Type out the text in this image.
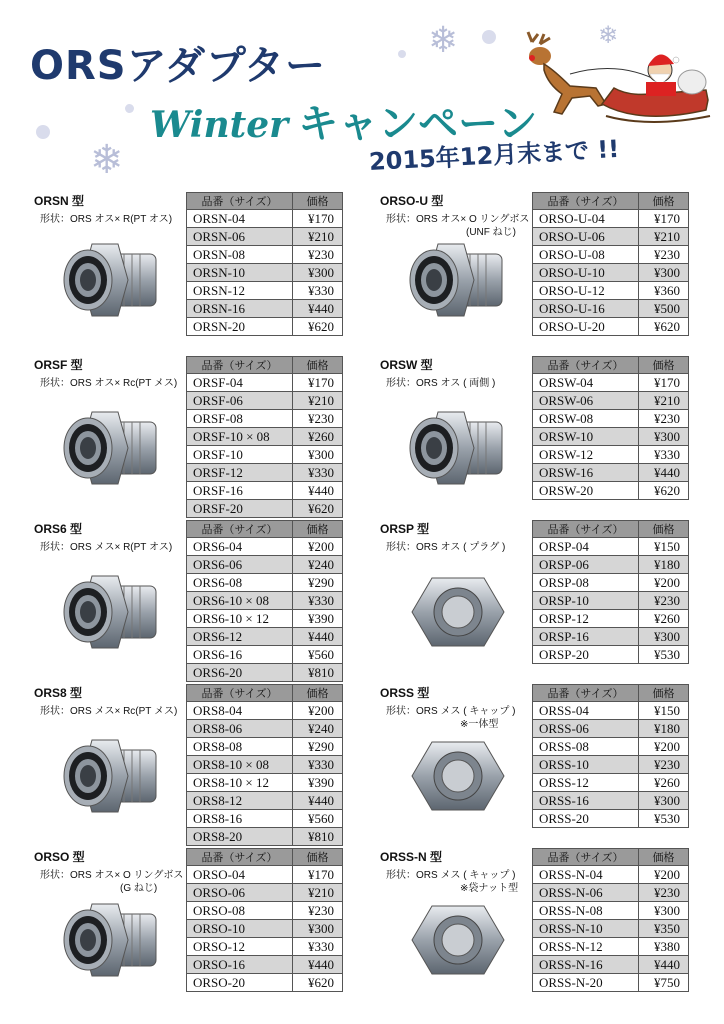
❄
❄
❄
ORSアダプター
Winter キャンペーン
2015年12月末まで !!
ORSN 型
形状：ORS オス× R(PT オス)
品番（サイズ）	価格
ORSN-04	¥170
ORSN-06	¥210
ORSN-08	¥230
ORSN-10	¥300
ORSN-12	¥330
ORSN-16	¥440
ORSN-20	¥620
ORSO-U 型
形状：ORS オス× O リングボス
(UNF ねじ)
品番（サイズ）	価格
ORSO-U-04	¥170
ORSO-U-06	¥210
ORSO-U-08	¥230
ORSO-U-10	¥300
ORSO-U-12	¥360
ORSO-U-16	¥500
ORSO-U-20	¥620
ORSF 型
形状：ORS オス× Rc(PT メス)
品番（サイズ）	価格
ORSF-04	¥170
ORSF-06	¥210
ORSF-08	¥230
ORSF-10 × 08	¥260
ORSF-10	¥300
ORSF-12	¥330
ORSF-16	¥440
ORSF-20	¥620
ORSW 型
形状：ORS オス ( 両側 )
品番（サイズ）	価格
ORSW-04	¥170
ORSW-06	¥210
ORSW-08	¥230
ORSW-10	¥300
ORSW-12	¥330
ORSW-16	¥440
ORSW-20	¥620
ORS6 型
形状：ORS メス× R(PT オス)
品番（サイズ）	価格
ORS6-04	¥200
ORS6-06	¥240
ORS6-08	¥290
ORS6-10 × 08	¥330
ORS6-10 × 12	¥390
ORS6-12	¥440
ORS6-16	¥560
ORS6-20	¥810
ORSP 型
形状：ORS オス ( プラグ )
品番（サイズ）	価格
ORSP-04	¥150
ORSP-06	¥180
ORSP-08	¥200
ORSP-10	¥230
ORSP-12	¥260
ORSP-16	¥300
ORSP-20	¥530
ORS8 型
形状：ORS メス× Rc(PT メス)
品番（サイズ）	価格
ORS8-04	¥200
ORS8-06	¥240
ORS8-08	¥290
ORS8-10 × 08	¥330
ORS8-10 × 12	¥390
ORS8-12	¥440
ORS8-16	¥560
ORS8-20	¥810
ORSS 型
形状：ORS メス ( キャップ )
※一体型
品番（サイズ）	価格
ORSS-04	¥150
ORSS-06	¥180
ORSS-08	¥200
ORSS-10	¥230
ORSS-12	¥260
ORSS-16	¥300
ORSS-20	¥530
ORSO 型
形状：ORS オス× O リングボス
(G ねじ)
品番（サイズ）	価格
ORSO-04	¥170
ORSO-06	¥210
ORSO-08	¥230
ORSO-10	¥300
ORSO-12	¥330
ORSO-16	¥440
ORSO-20	¥620
ORSS-N 型
形状：ORS メス ( キャップ )
※袋ナット型
品番（サイズ）	価格
ORSS-N-04	¥200
ORSS-N-06	¥230
ORSS-N-08	¥300
ORSS-N-10	¥350
ORSS-N-12	¥380
ORSS-N-16	¥440
ORSS-N-20	¥750
